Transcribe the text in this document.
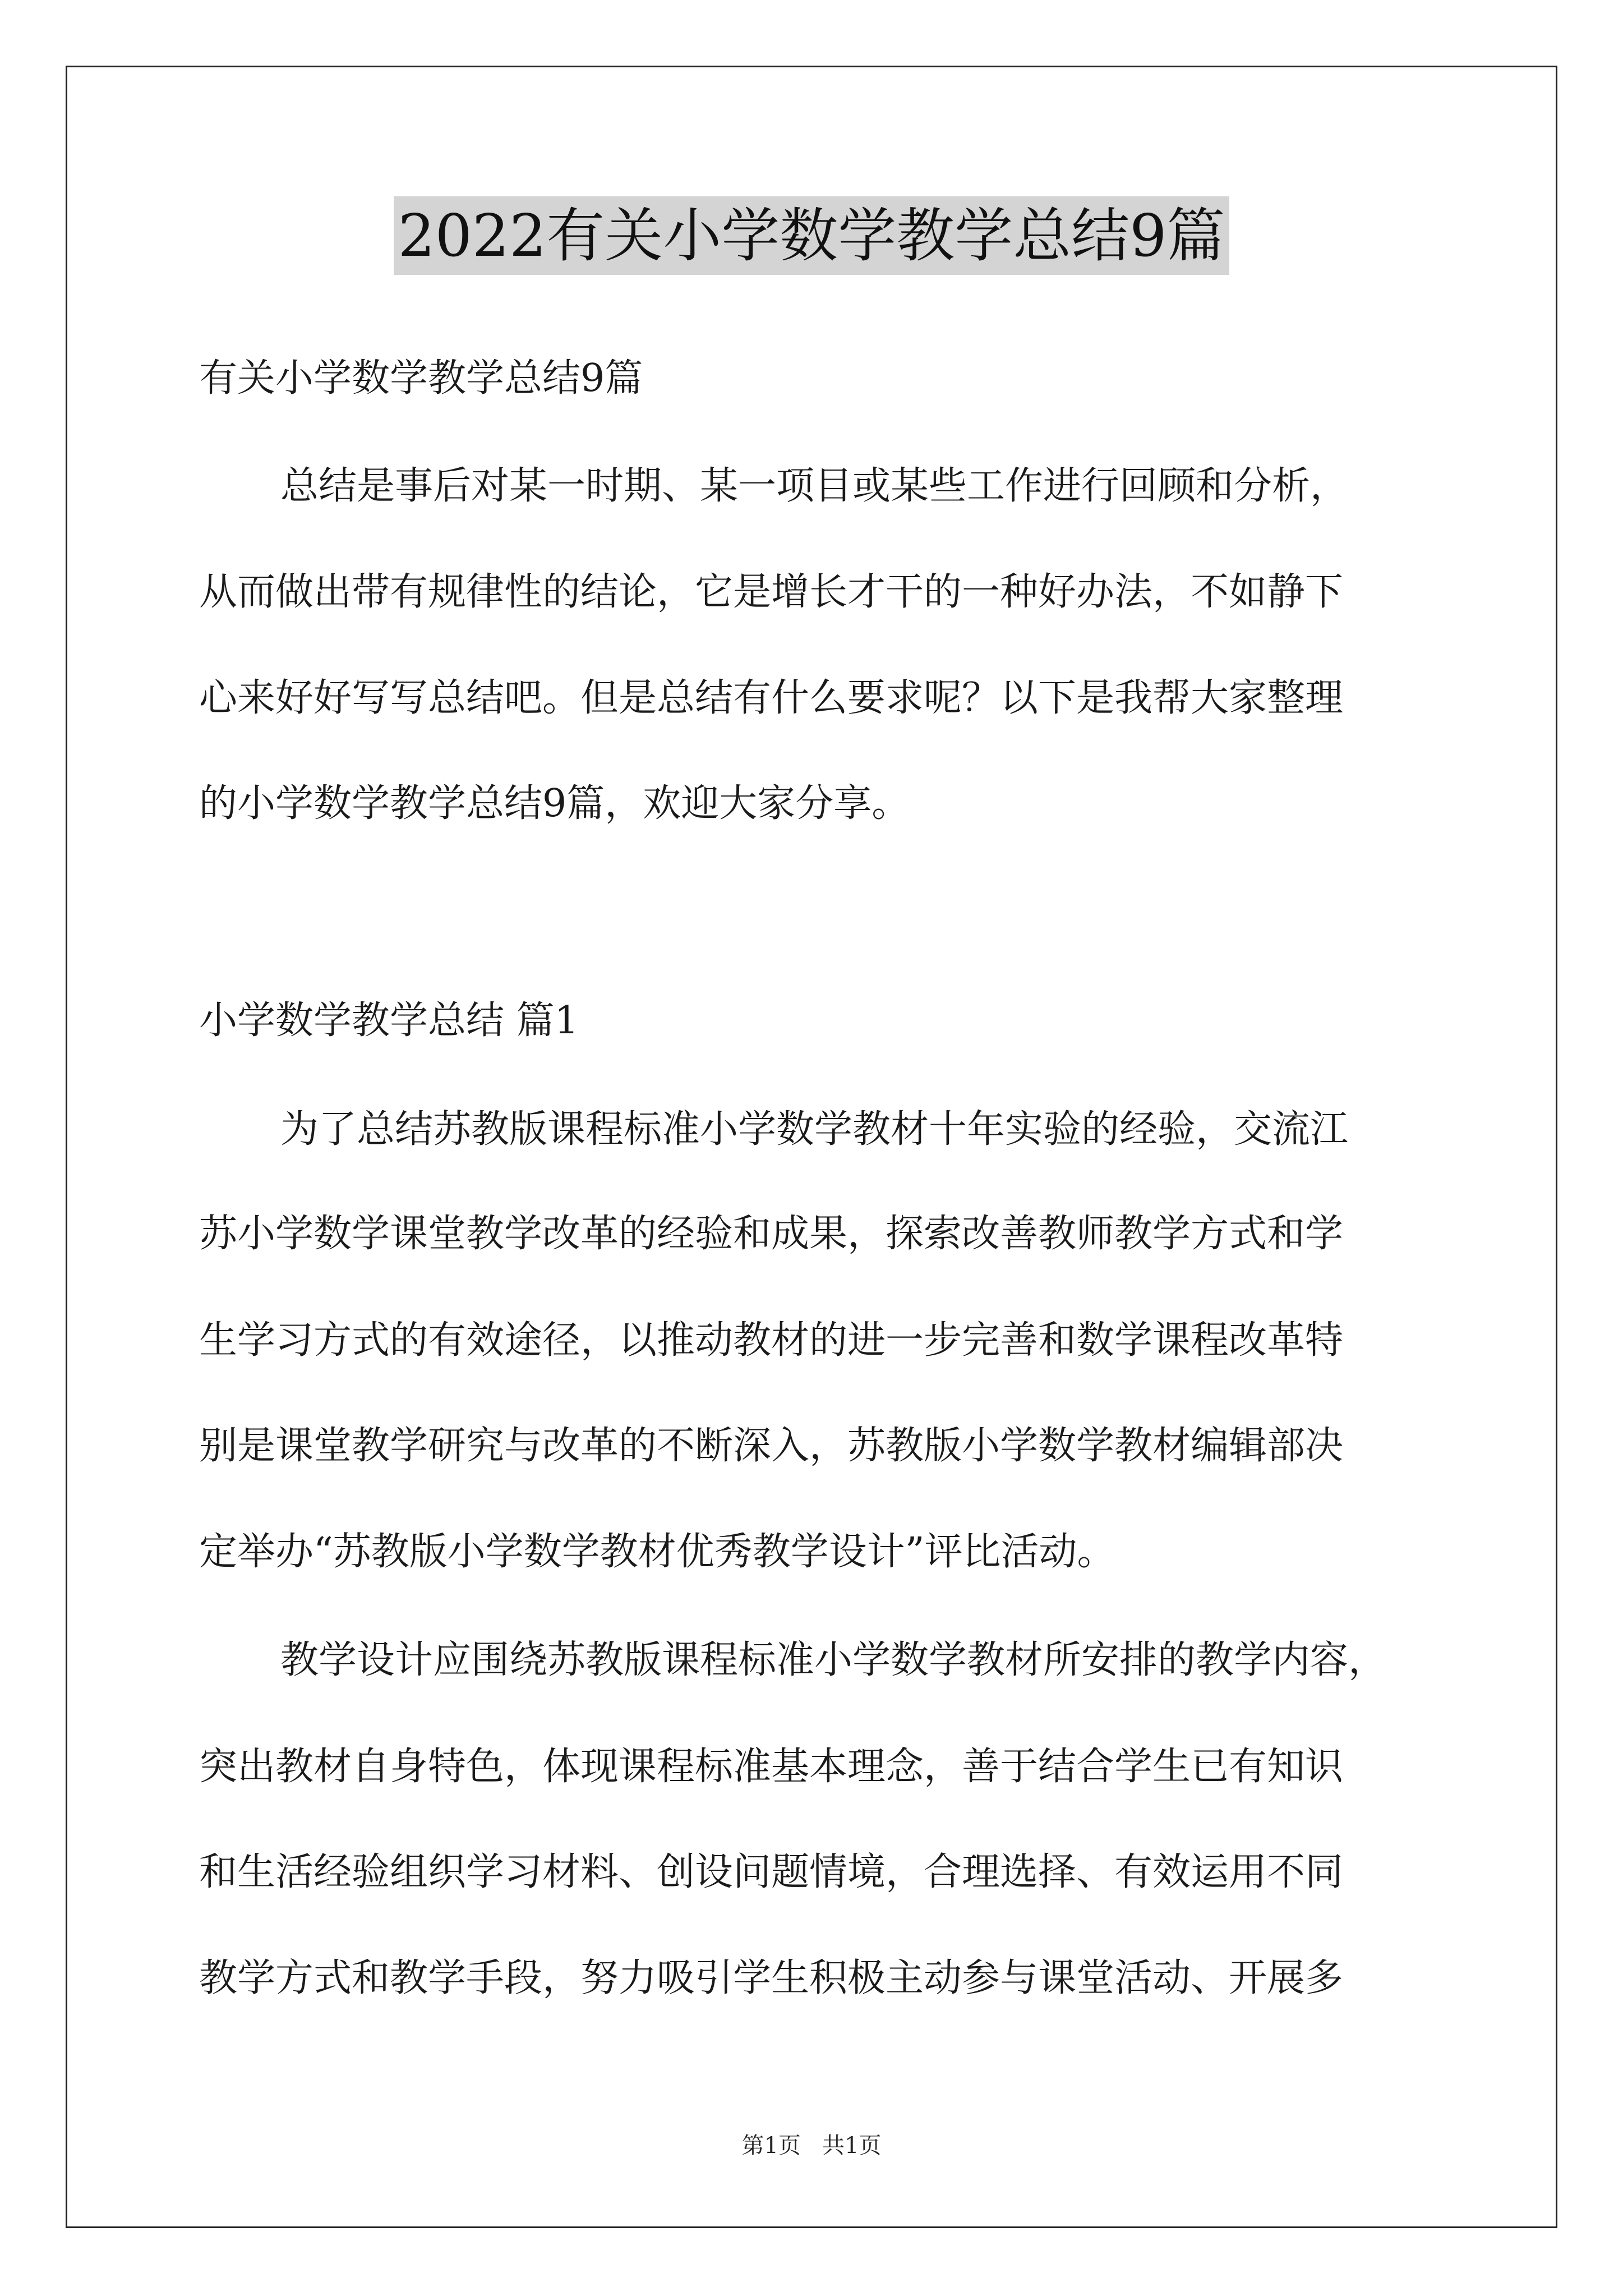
2022有关小学数学教学总结9篇
有关小学数学教学总结9篇
总结是事后对某一时期、某一项目或某些工作进行回顾和分析，
从而做出带有规律性的结论，它是增长才干的一种好办法，不如静下
心来好好写写总结吧。但是总结有什么要求呢？以下是我帮大家整理
的小学数学教学总结9篇，欢迎大家分享。
小学数学教学总结 篇1
为了总结苏教版课程标准小学数学教材十年实验的经验，交流江
苏小学数学课堂教学改革的经验和成果，探索改善教师教学方式和学
生学习方式的有效途径，以推动教材的进一步完善和数学课程改革特
别是课堂教学研究与改革的不断深入，苏教版小学数学教材编辑部决
定举办“苏教版小学数学教材优秀教学设计”评比活动。
教学设计应围绕苏教版课程标准小学数学教材所安排的教学内容，
突出教材自身特色，体现课程标准基本理念，善于结合学生已有知识
和生活经验组织学习材料、创设问题情境，合理选择、有效运用不同
教学方式和教学手段，努力吸引学生积极主动参与课堂活动、开展多
第1页   共1页
